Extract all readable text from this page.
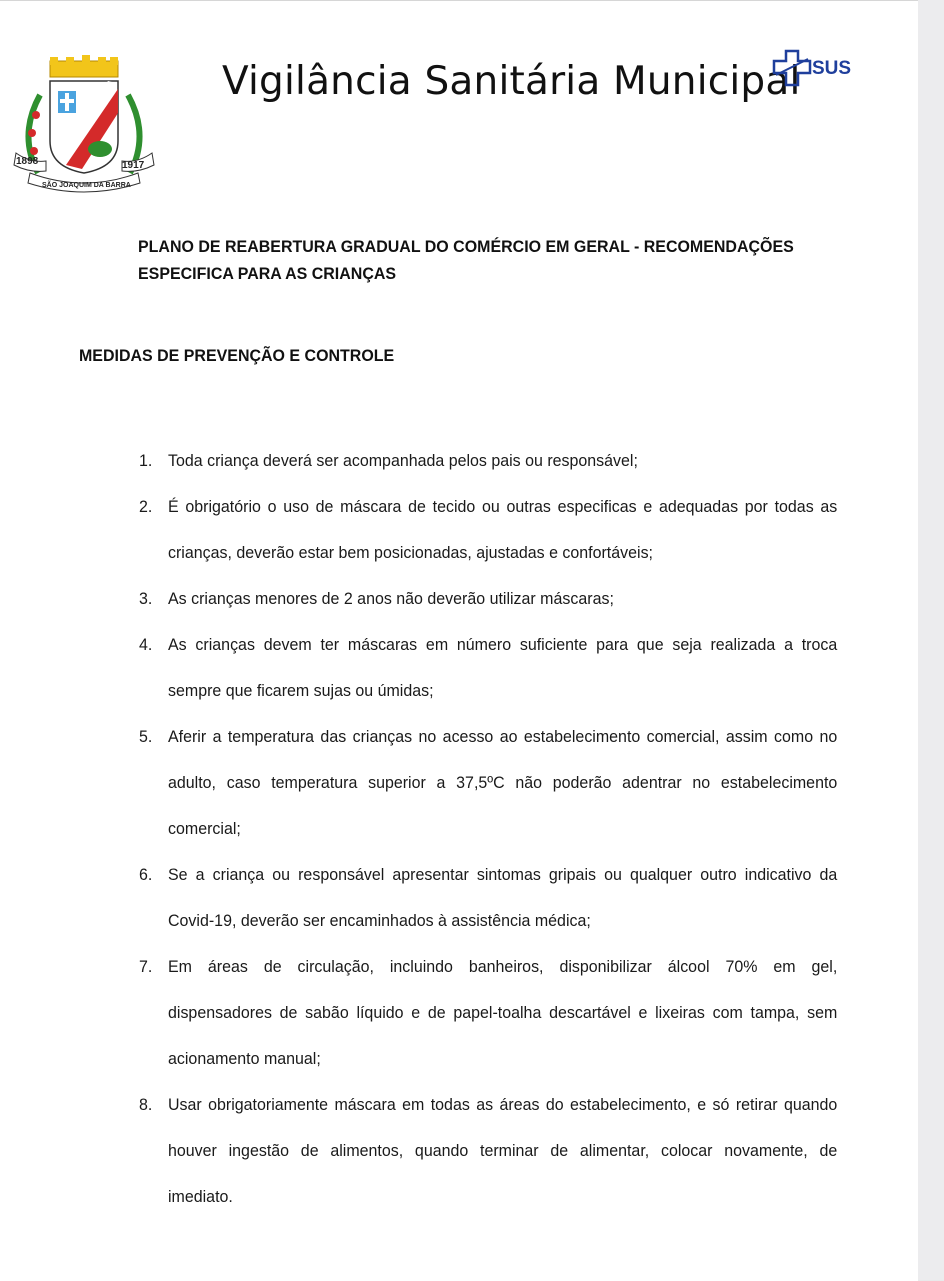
1898	1917
SÃO JOAQUIM DA BARRA
Vigilância Sanitária Municipal SUS
PLANO DE REABERTURA GRADUAL DO COMÉRCIO EM GERAL - RECOMENDAÇÕES
ESPECIFICA PARA AS CRIANÇAS
MEDIDAS DE PREVENÇÃO E CONTROLE
1. Toda criança deverá ser acompanhada pelos pais ou responsável;
2. É obrigatório o uso de máscara de tecido ou outras especificas e adequadas por todas as
crianças, deverão estar bem posicionadas, ajustadas e confortáveis;
3. As crianças menores de 2 anos não deverão utilizar máscaras;
4. As crianças devem ter máscaras em número suficiente para que seja realizada a troca
sempre que ficarem sujas ou úmidas;
5. Aferir a temperatura das crianças no acesso ao estabelecimento comercial, assim como no
adulto, caso temperatura superior a 37,5ºC não poderão adentrar no estabelecimento
comercial;
6. Se a criança ou responsável apresentar sintomas gripais ou qualquer outro indicativo da
Covid-19, deverão ser encaminhados à assistência médica;
7. Em áreas de circulação, incluindo banheiros, disponibilizar álcool 70% em gel,
dispensadores de sabão líquido e de papel-toalha descartável e lixeiras com tampa, sem
acionamento manual;
8. Usar obrigatoriamente máscara em todas as áreas do estabelecimento, e só retirar quando
houver ingestão de alimentos, quando terminar de alimentar, colocar novamente, de
imediato.
